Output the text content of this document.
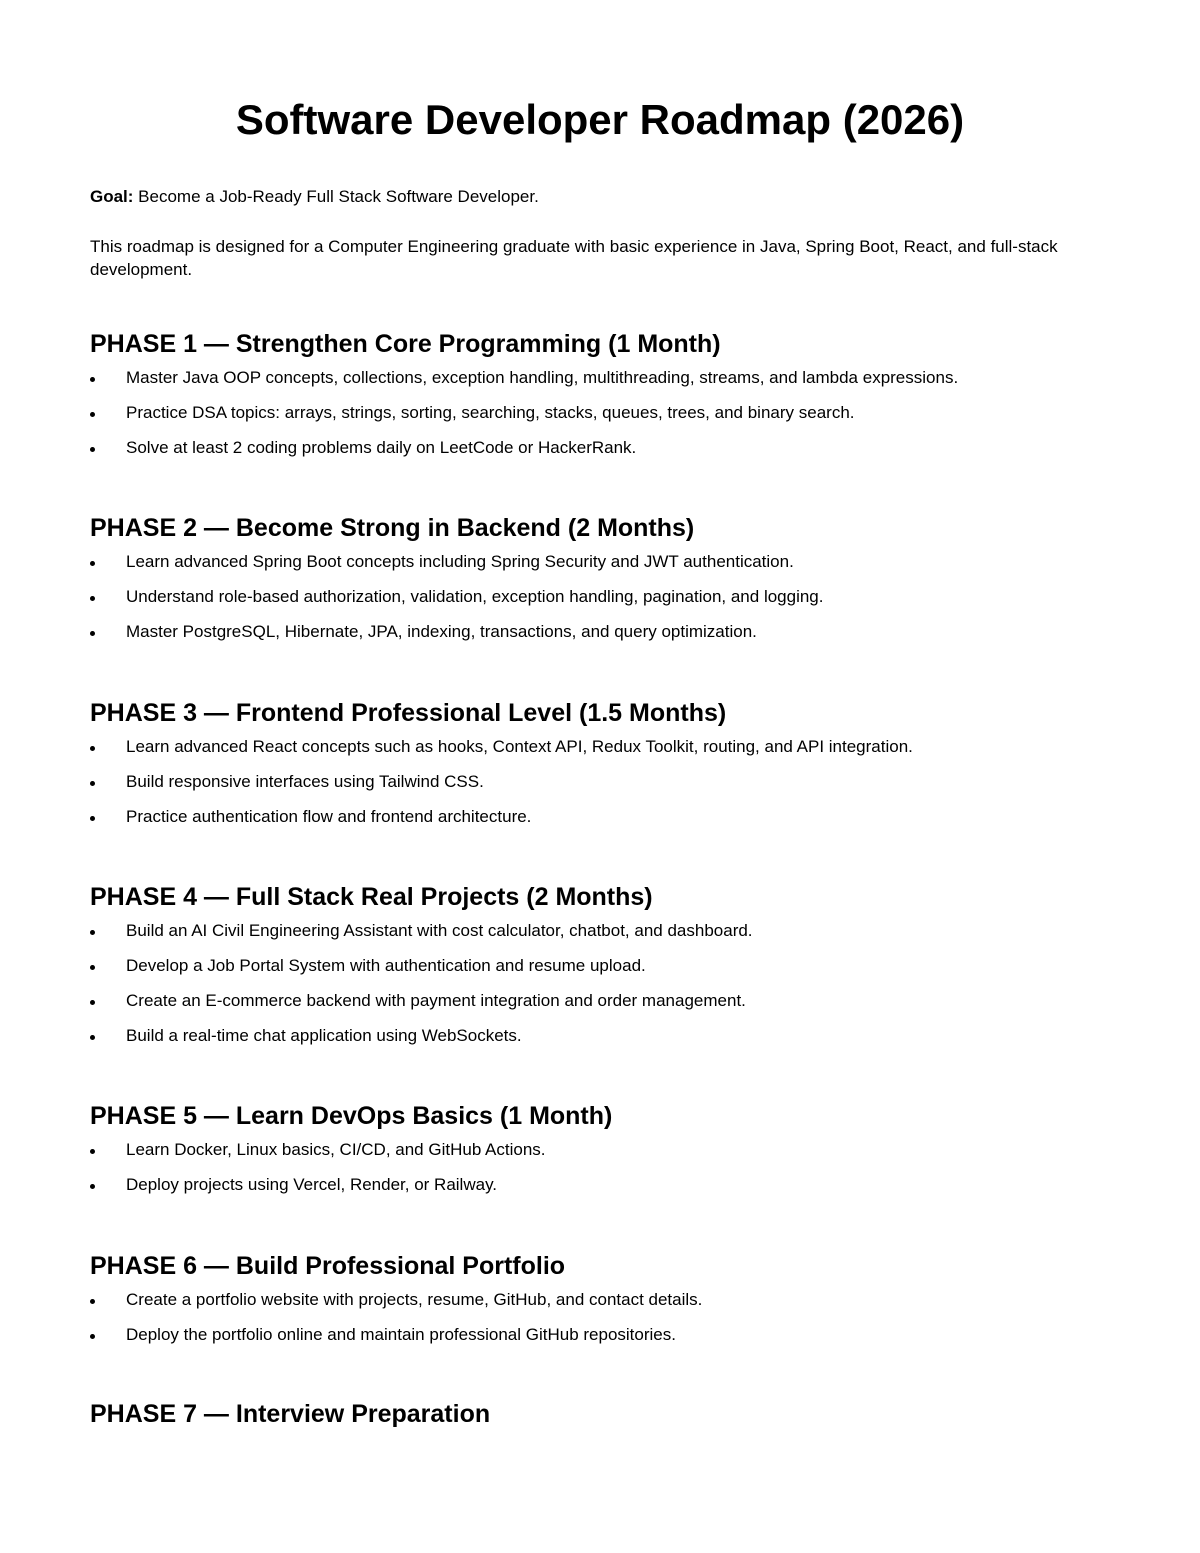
Software Developer Roadmap (2026)

Goal: Become a Job-Ready Full Stack Software Developer.

This roadmap is designed for a Computer Engineering graduate with basic experience in Java, Spring Boot, React, and full-stack development.

PHASE 1 — Strengthen Core Programming (1 Month)
Master Java OOP concepts, collections, exception handling, multithreading, streams, and lambda expressions.
Practice DSA topics: arrays, strings, sorting, searching, stacks, queues, trees, and binary search.
Solve at least 2 coding problems daily on LeetCode or HackerRank.
PHASE 2 — Become Strong in Backend (2 Months)
Learn advanced Spring Boot concepts including Spring Security and JWT authentication.
Understand role-based authorization, validation, exception handling, pagination, and logging.
Master PostgreSQL, Hibernate, JPA, indexing, transactions, and query optimization.
PHASE 3 — Frontend Professional Level (1.5 Months)
Learn advanced React concepts such as hooks, Context API, Redux Toolkit, routing, and API integration.
Build responsive interfaces using Tailwind CSS.
Practice authentication flow and frontend architecture.
PHASE 4 — Full Stack Real Projects (2 Months)
Build an AI Civil Engineering Assistant with cost calculator, chatbot, and dashboard.
Develop a Job Portal System with authentication and resume upload.
Create an E-commerce backend with payment integration and order management.
Build a real-time chat application using WebSockets.
PHASE 5 — Learn DevOps Basics (1 Month)
Learn Docker, Linux basics, CI/CD, and GitHub Actions.
Deploy projects using Vercel, Render, or Railway.
PHASE 6 — Build Professional Portfolio
Create a portfolio website with projects, resume, GitHub, and contact details.
Deploy the portfolio online and maintain professional GitHub repositories.
PHASE 7 — Interview Preparation
